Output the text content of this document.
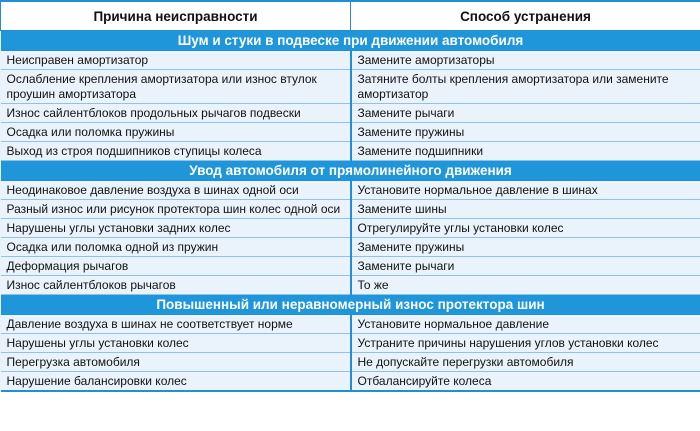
Причина неисправности	Способ устранения
Шум и стуки в подвеске при движении автомобиля	
Неисправен амортизатор	Замените амортизаторы
Ослабление крепления амортизатора или износ втулок проушин амортизатора	Затяните болты крепления амортизатора или замените амортизатор
Износ сайлентблоков продольных рычагов подвески	Замените рычаги
Осадка или поломка пружины	Замените пружины
Выход из строя подшипников ступицы колеса	Замените подшипники
Увод автомобиля от прямолинейного движения	
Неодинаковое давление воздуха в шинах одной оси	Установите нормальное давление в шинах
Разный износ или рисунок протектора шин колес одной оси	Замените шины
Нарушены углы установки задних колес	Отрегулируйте углы установки колес
Осадка или поломка одной из пружин	Замените пружины
Деформация рычагов	Замените рычаги
Износ сайлентблоков рычагов	То же
Повышенный или неравномерный износ протектора шин	
Давление воздуха в шинах не соответствует норме	Установите нормальное давление
Нарушены углы установки колес	Устраните причины нарушения углов установки колес
Перегрузка автомобиля	Не допускайте перегрузки автомобиля
Нарушение балансировки колес	Отбалансируйте колеса
